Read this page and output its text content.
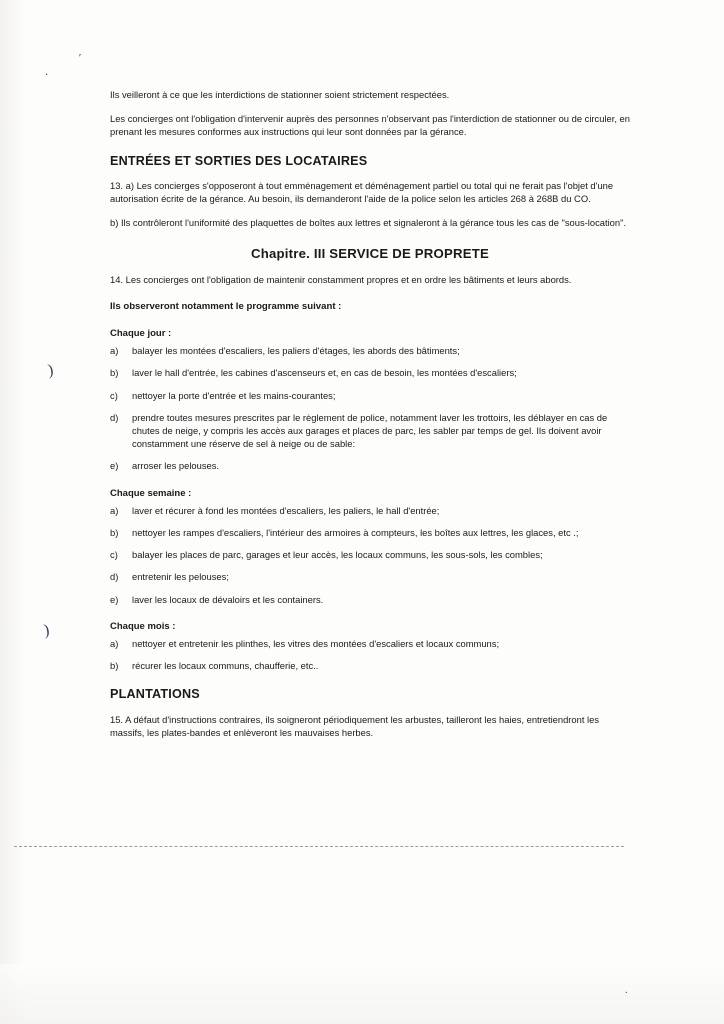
'
.
)
)
.

Ils veilleront à ce que les interdictions de stationner soient strictement respectées.

Les concierges ont l'obligation d'intervenir auprès des personnes n'observant pas l'interdiction de stationner ou de circuler, en prenant les mesures conformes aux instructions qui leur sont données par la gérance.

ENTRÉES ET SORTIES DES LOCATAIRES

13. a) Les concierges s'opposeront à tout emménagement et déménagement partiel ou total qui ne ferait pas l'objet d'une autorisation écrite de la gérance. Au besoin, ils demanderont l'aide de la police selon les articles 268 à 268B du CO.

b) Ils contrôleront l'uniformité des plaquettes de boîtes aux lettres et signaleront à la gérance tous les cas de "sous-location".

Chapitre. III SERVICE DE PROPRETE

14. Les concierges ont l'obligation de maintenir constamment propres et en ordre les bâtiments et leurs abords.

Ils observeront notamment le programme suivant :
Chaque jour :
a)	balayer les montées d'escaliers, les paliers d'étages, les abords des bâtiments;
b)	laver le hall d'entrée, les cabines d'ascenseurs et, en cas de besoin, les montées d'escaliers;
c)	nettoyer la porte d'entrée et les mains-courantes;
d)	prendre toutes mesures prescrites par le règlement de police, notamment laver les trottoirs, les déblayer en cas de chutes de neige, y compris les accès aux garages et places de parc, les sabler par temps de gel. Ils doivent avoir constamment une réserve de sel à neige ou de sable:
e)	arroser les pelouses.
Chaque semaine :
a)	laver et récurer à fond les montées d'escaliers, les paliers, le hall d'entrée;
b)	nettoyer les rampes d'escaliers, l'intérieur des armoires à compteurs, les boîtes aux lettres, les glaces, etc .;
c)	balayer les places de parc, garages et leur accès, les locaux communs, les sous-sols, les combles;
d)	entretenir les pelouses;
e)	laver les locaux de dévaloirs et les containers.
Chaque mois :
a)	nettoyer et entretenir les plinthes, les vitres des montées d'escaliers et locaux communs;
b)	récurer les locaux communs, chaufferie, etc..
PLANTATIONS

15. A défaut d'instructions contraires, ils soigneront périodiquement les arbustes, tailleront les haies, entretiendront les massifs, les plates-bandes et enlèveront les mauvaises herbes.
